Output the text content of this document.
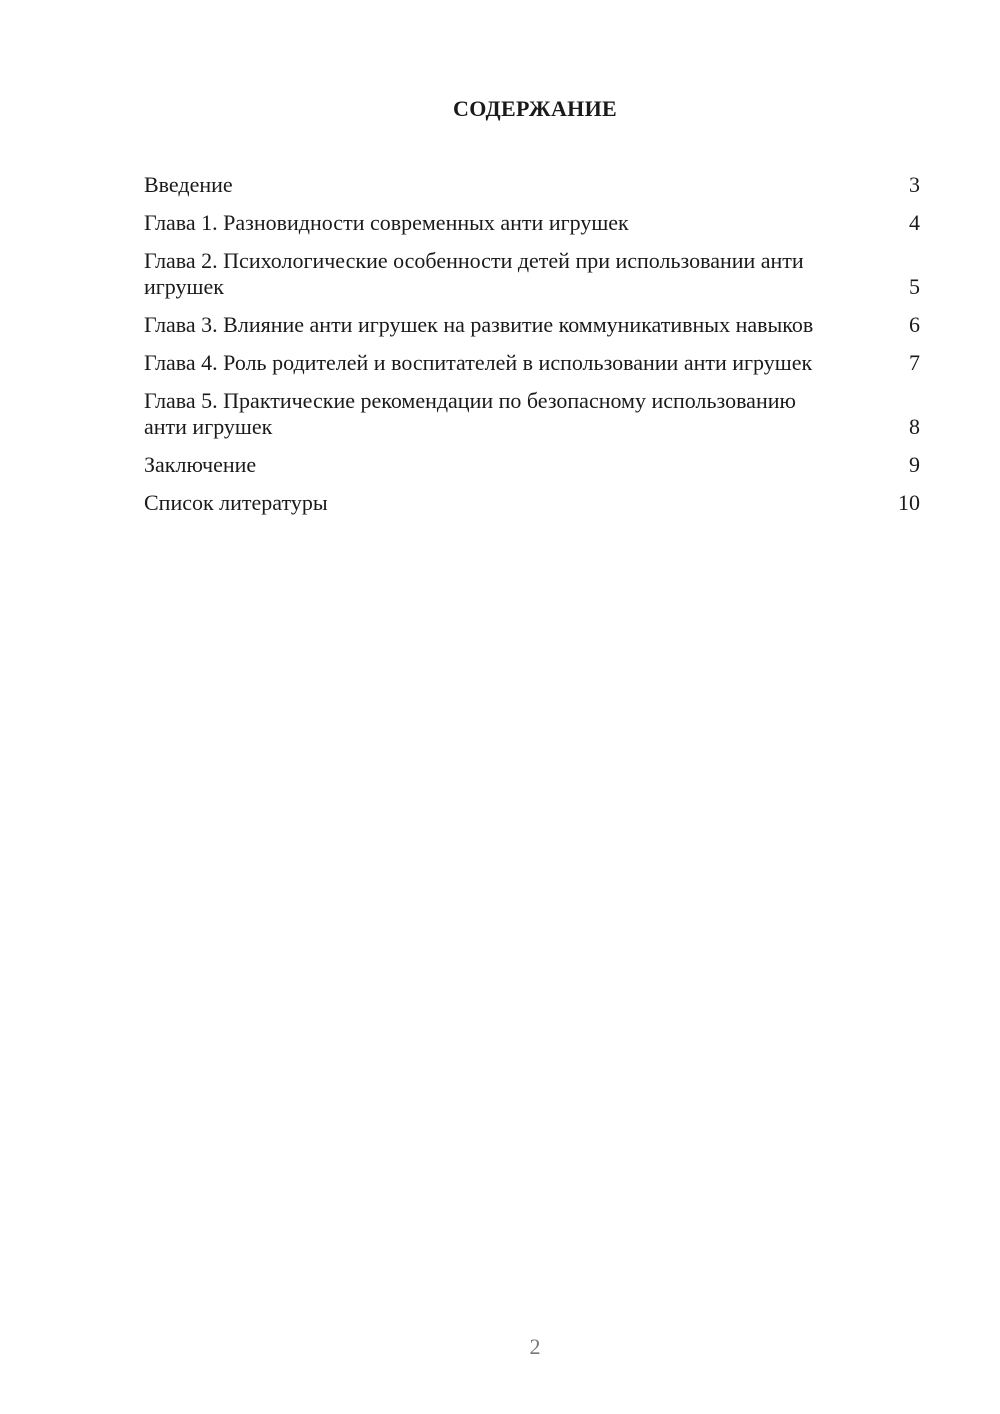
СОДЕРЖАНИЕ
Введение	3
Глава 1. Разновидности современных анти игрушек	4
Глава 2. Психологические особенности детей при использовании анти игрушек	5
Глава 3. Влияние анти игрушек на развитие коммуникативных навыков	6
Глава 4. Роль родителей и воспитателей в использовании анти игрушек	7
Глава 5. Практические рекомендации по безопасному использованию анти игрушек	8
Заключение	9
Список литературы	10
2
